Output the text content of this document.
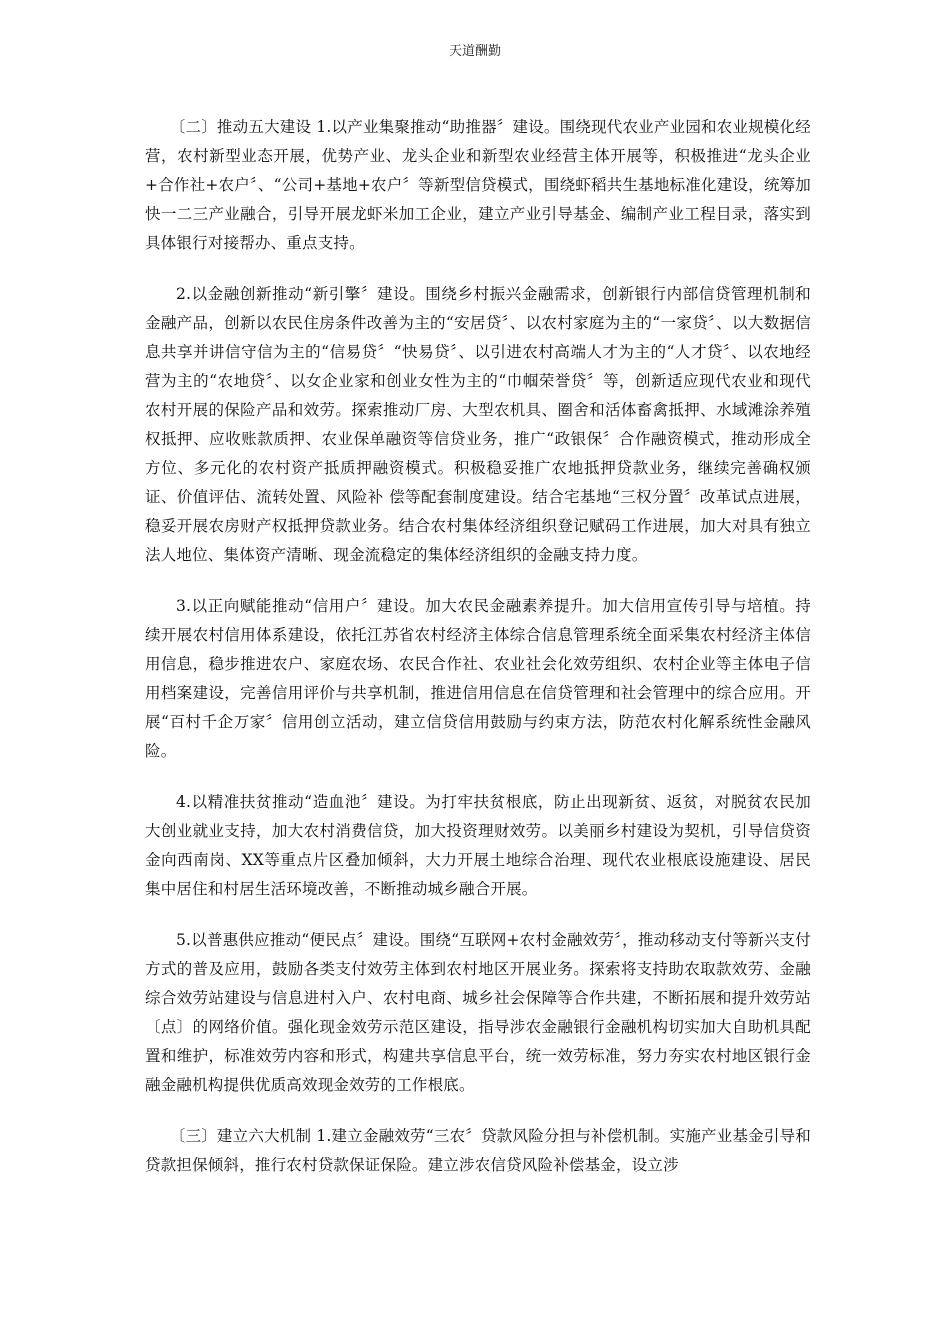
天道酬勤

〔二〕推动五大建设 1.以产业集聚推动“助推器〞建设。围绕现代农业产业园和农业规模化经营，农村新型业态开展，优势产业、龙头企业和新型农业经营主体开展等，积极推进“龙头企业+合作社+农户〞、“公司+基地+农户〞等新型信贷模式，围绕虾稻共生基地标准化建设，统筹加快一二三产业融合，引导开展龙虾米加工企业，建立产业引导基金、编制产业工程目录，落实到具体银行对接帮办、重点支持。

2.以金融创新推动“新引擎〞建设。围绕乡村振兴金融需求，创新银行内部信贷管理机制和金融产品，创新以农民住房条件改善为主的“安居贷〞、以农村家庭为主的“一家贷〞、以大数据信息共享并讲信守信为主的“信易贷〞“快易贷〞、以引进农村高端人才为主的“人才贷〞、以农地经营为主的“农地贷〞、以女企业家和创业女性为主的“巾帼荣誉贷〞等，创新适应现代农业和现代农村开展的保险产品和效劳。探索推动厂房、大型农机具、圈舍和活体畜禽抵押、水域滩涂养殖权抵押、应收账款质押、农业保单融资等信贷业务，推广“政银保〞合作融资模式，推动形成全方位、多元化的农村资产抵质押融资模式。积极稳妥推广农地抵押贷款业务，继续完善确权颁证、价值评估、流转处置、风险补 偿等配套制度建设。结合宅基地“三权分置〞改革试点进展，稳妥开展农房财产权抵押贷款业务。结合农村集体经济组织登记赋码工作进展，加大对具有独立法人地位、集体资产清晰、现金流稳定的集体经济组织的金融支持力度。

3.以正向赋能推动“信用户〞建设。加大农民金融素养提升。加大信用宣传引导与培植。持续开展农村信用体系建设，依托江苏省农村经济主体综合信息管理系统全面采集农村经济主体信用信息，稳步推进农户、家庭农场、农民合作社、农业社会化效劳组织、农村企业等主体电子信用档案建设，完善信用评价与共享机制，推进信用信息在信贷管理和社会管理中的综合应用。开展“百村千企万家〞信用创立活动，建立信贷信用鼓励与约束方法，防范农村化解系统性金融风险。

4.以精准扶贫推动“造血池〞建设。为打牢扶贫根底，防止出现新贫、返贫，对脱贫农民加大创业就业支持，加大农村消费信贷，加大投资理财效劳。以美丽乡村建设为契机，引导信贷资金向西南岗、XX等重点片区叠加倾斜，大力开展土地综合治理、现代农业根底设施建设、居民集中居住和村居生活环境改善，不断推动城乡融合开展。

5.以普惠供应推动“便民点〞建设。围绕“互联网+农村金融效劳〞，推动移动支付等新兴支付方式的普及应用，鼓励各类支付效劳主体到农村地区开展业务。探索将支持助农取款效劳、金融综合效劳站建设与信息进村入户、农村电商、城乡社会保障等合作共建，不断拓展和提升效劳站〔点〕的网络价值。强化现金效劳示范区建设，指导涉农金融银行金融机构切实加大自助机具配置和维护，标准效劳内容和形式，构建共享信息平台，统一效劳标准，努力夯实农村地区银行金融金融机构提供优质高效现金效劳的工作根底。

〔三〕建立六大机制 1.建立金融效劳“三农〞贷款风险分担与补偿机制。实施产业基金引导和贷款担保倾斜，推行农村贷款保证保险。建立涉农信贷风险补偿基金，设立涉
